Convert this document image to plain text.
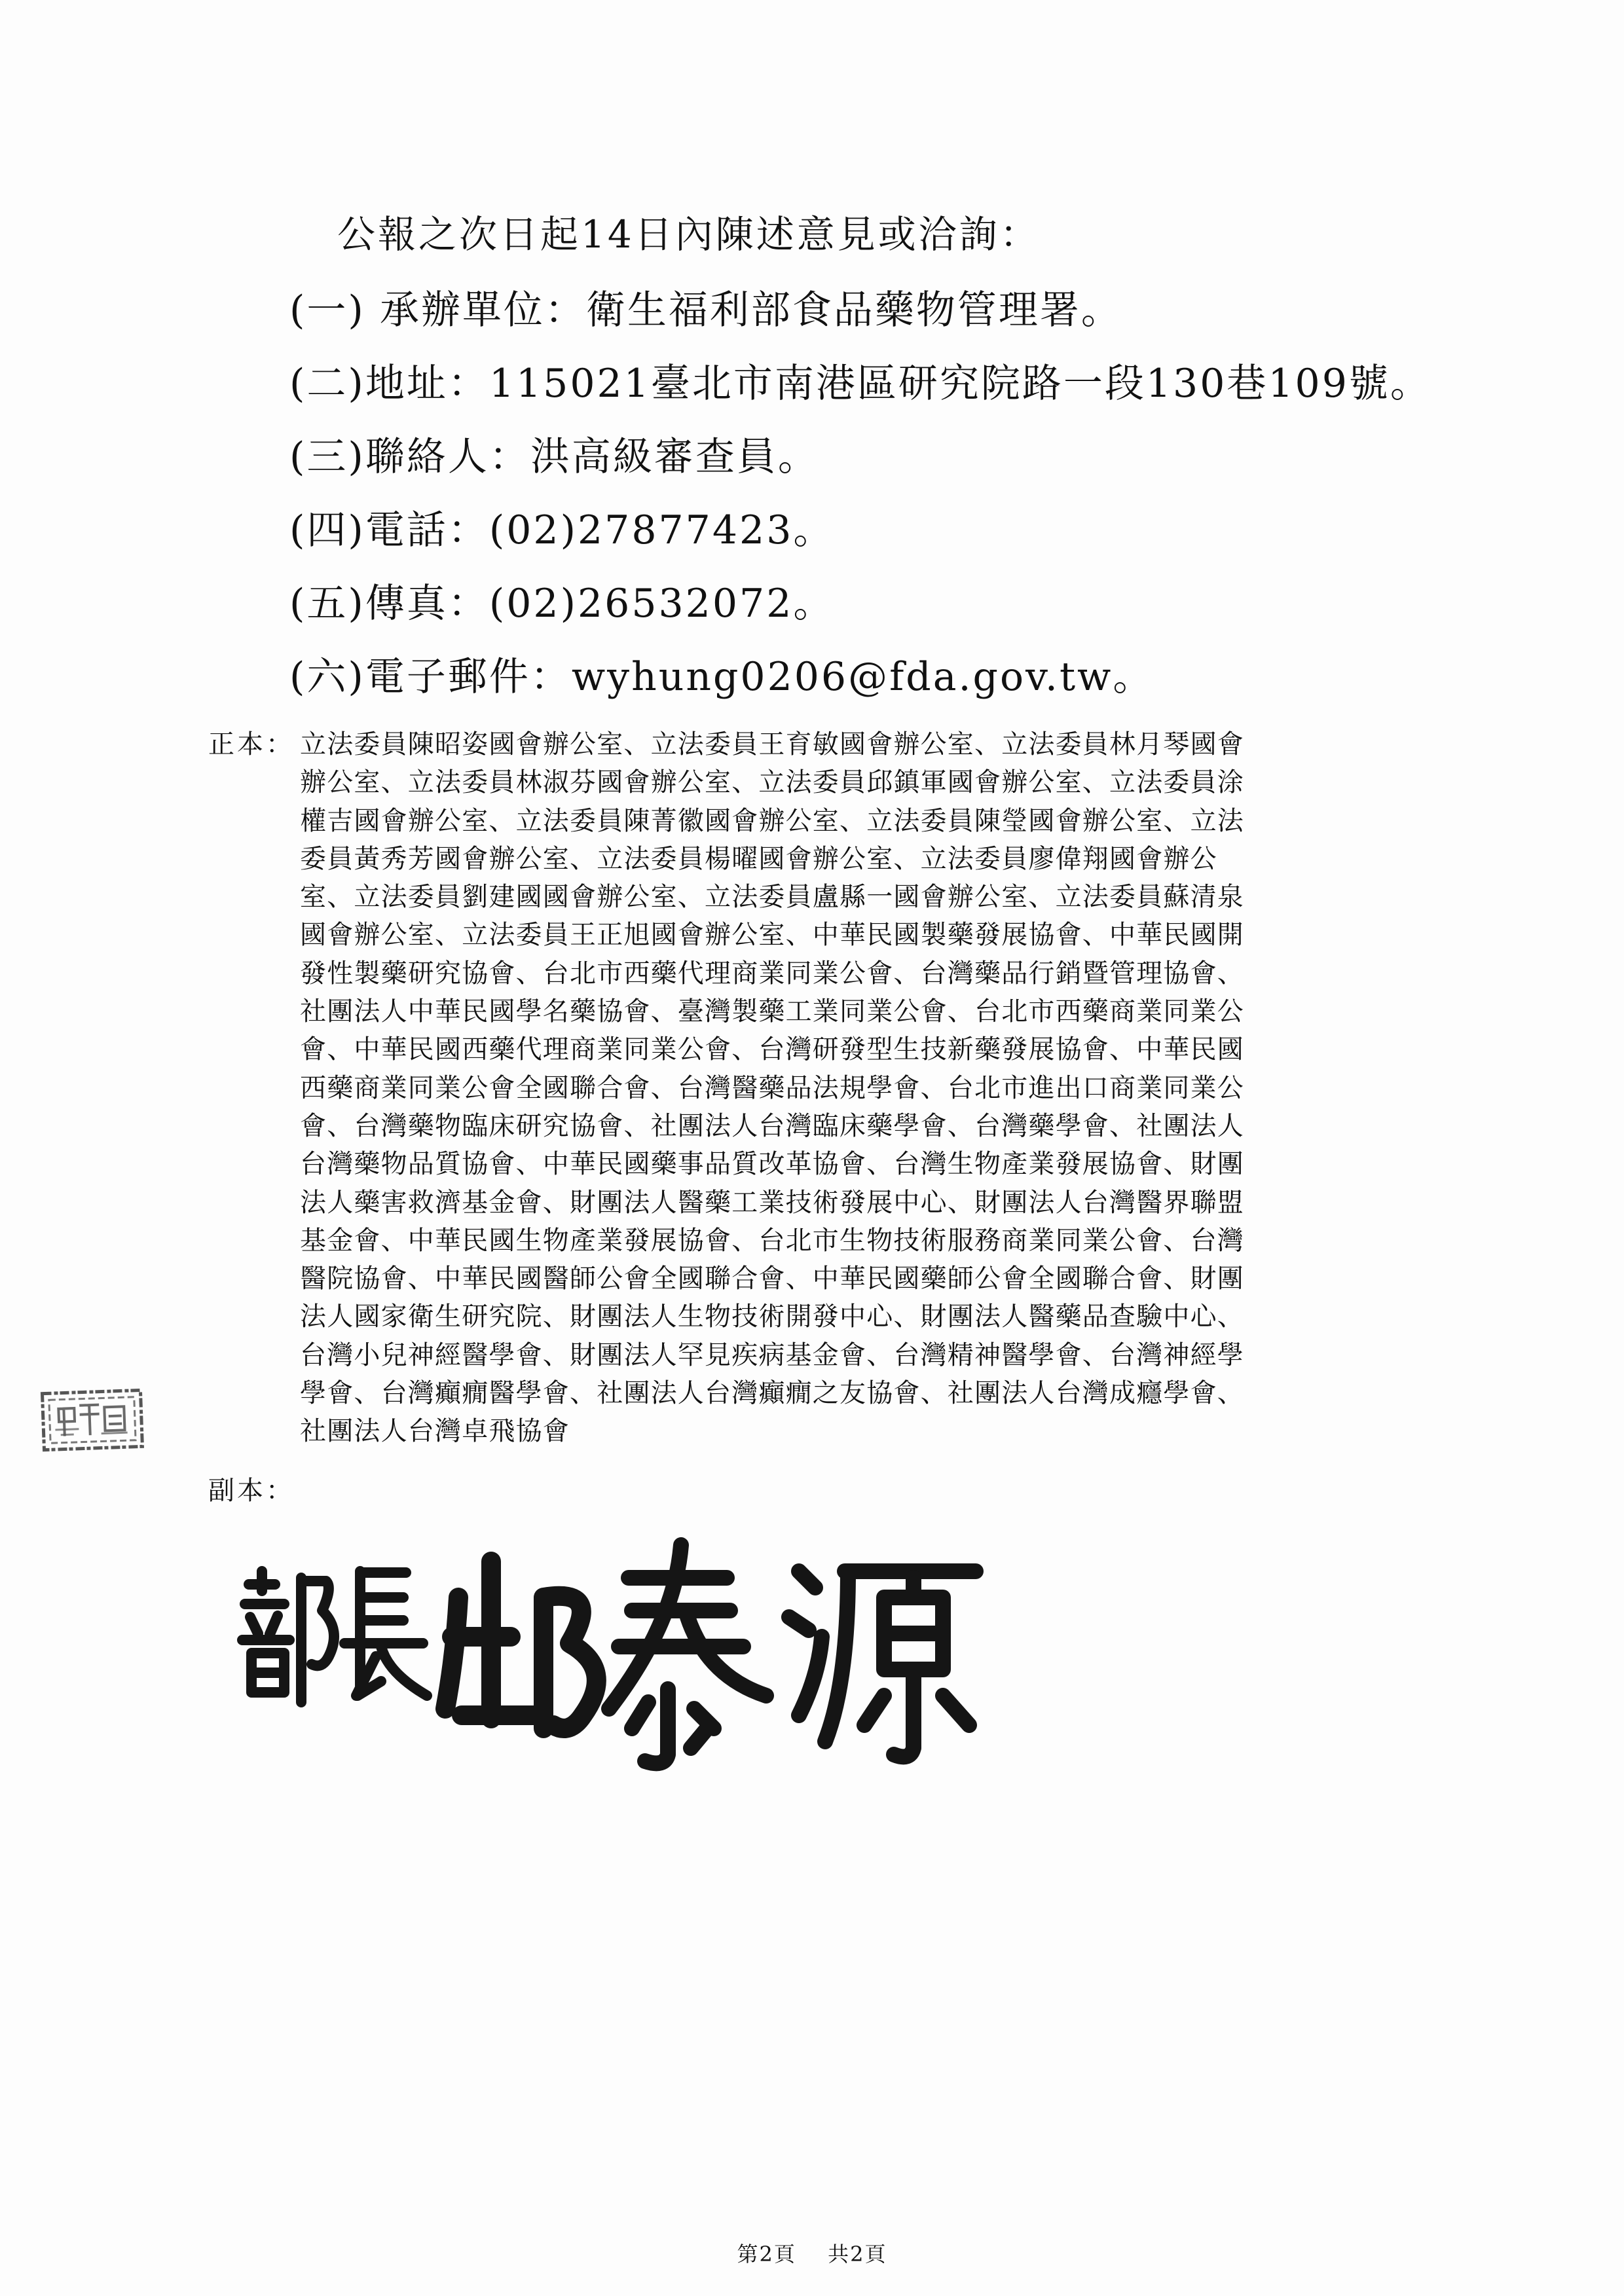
公報之次日起14日內陳述意見或洽詢：
(一) 承辦單位：衛生福利部食品藥物管理署。
(二)地址：115021臺北市南港區研究院路一段130巷109號。
(三)聯絡人：洪高級審查員。
(四)電話：(02)27877423。
(五)傳真：(02)26532072。
(六)電子郵件：wyhung0206@fda.gov.tw。
正本： 立法委員陳昭姿國會辦公室、立法委員王育敏國會辦公室、立法委員林月琴國會
辦公室、立法委員林淑芬國會辦公室、立法委員邱鎮軍國會辦公室、立法委員涂
權吉國會辦公室、立法委員陳菁徽國會辦公室、立法委員陳瑩國會辦公室、立法
委員黃秀芳國會辦公室、立法委員楊曜國會辦公室、立法委員廖偉翔國會辦公
室、立法委員劉建國國會辦公室、立法委員盧縣一國會辦公室、立法委員蘇清泉
國會辦公室、立法委員王正旭國會辦公室、中華民國製藥發展協會、中華民國開
發性製藥研究協會、台北市西藥代理商業同業公會、台灣藥品行銷暨管理協會、
社團法人中華民國學名藥協會、臺灣製藥工業同業公會、台北市西藥商業同業公
會、中華民國西藥代理商業同業公會、台灣研發型生技新藥發展協會、中華民國
西藥商業同業公會全國聯合會、台灣醫藥品法規學會、台北市進出口商業同業公
會、台灣藥物臨床研究協會、社團法人台灣臨床藥學會、台灣藥學會、社團法人
台灣藥物品質協會、中華民國藥事品質改革協會、台灣生物產業發展協會、財團
法人藥害救濟基金會、財團法人醫藥工業技術發展中心、財團法人台灣醫界聯盟
基金會、中華民國生物產業發展協會、台北市生物技術服務商業同業公會、台灣
醫院協會、中華民國醫師公會全國聯合會、中華民國藥師公會全國聯合會、財團
法人國家衛生研究院、財團法人生物技術開發中心、財團法人醫藥品查驗中心、
台灣小兒神經醫學會、財團法人罕見疾病基金會、台灣精神醫學會、台灣神經學
學會、台灣癲癇醫學會、社團法人台灣癲癇之友協會、社團法人台灣成癮學會、
社團法人台灣卓飛協會
副本：
第2頁 共2頁
